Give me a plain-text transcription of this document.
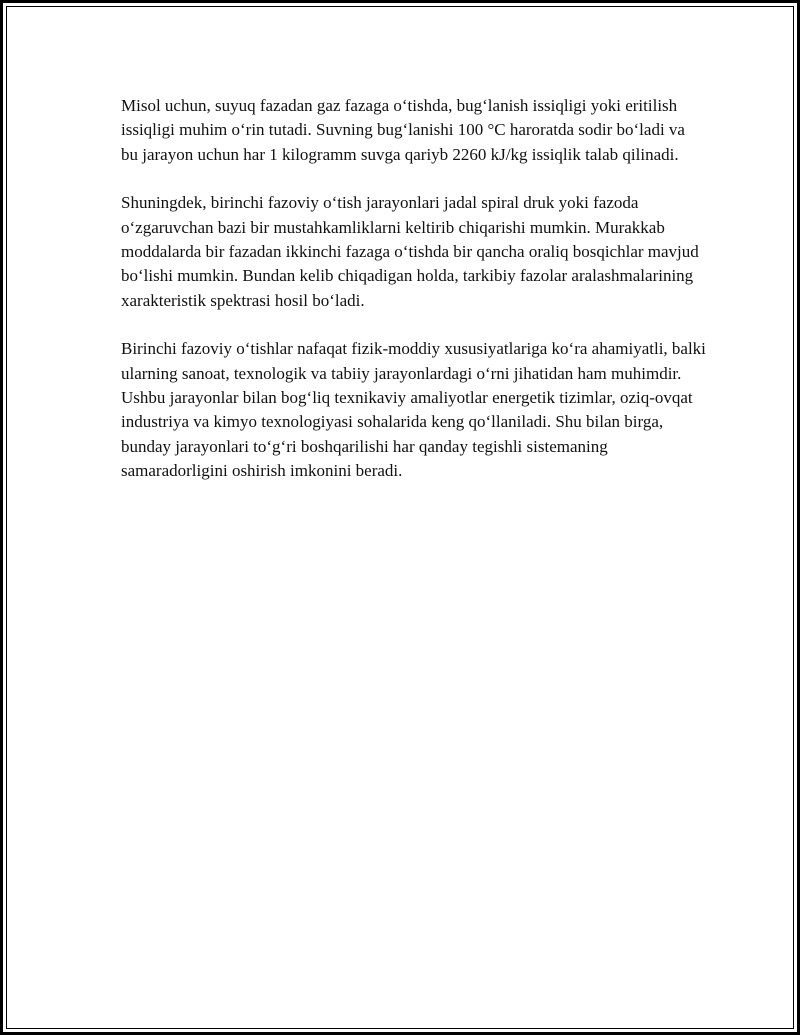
Misol uchun, suyuq fazadan gaz fazaga o‘tishda, bug‘lanish issiqligi yoki eritilish issiqligi muhim o‘rin tutadi. Suvning bug‘lanishi 100 °C haroratda sodir bo‘ladi va bu jarayon uchun har 1 kilogramm suvga qariyb 2260 kJ/kg issiqlik talab qilinadi.

Shuningdek, birinchi fazoviy o‘tish jarayonlari jadal spiral druk yoki fazoda o‘zgaruvchan bazi bir mustahkamliklarni keltirib chiqarishi mumkin. Murakkab moddalarda bir fazadan ikkinchi fazaga o‘tishda bir qancha oraliq bosqichlar mavjud bo‘lishi mumkin. Bundan kelib chiqadigan holda, tarkibiy fazolar aralashmalarining xarakteristik spektrasi hosil bo‘ladi.

Birinchi fazoviy o‘tishlar nafaqat fizik-moddiy xususiyatlariga ko‘ra ahamiyatli, balki ularning sanoat, texnologik va tabiiy jarayonlardagi o‘rni jihatidan ham muhimdir. Ushbu jarayonlar bilan bog‘liq texnikaviy amaliyotlar energetik tizimlar, oziq-ovqat industriya va kimyo texnologiyasi sohalarida keng qo‘llaniladi. Shu bilan birga, bunday jarayonlari to‘g‘ri boshqarilishi har qanday tegishli sistemaning samaradorligini oshirish imkonini beradi.
